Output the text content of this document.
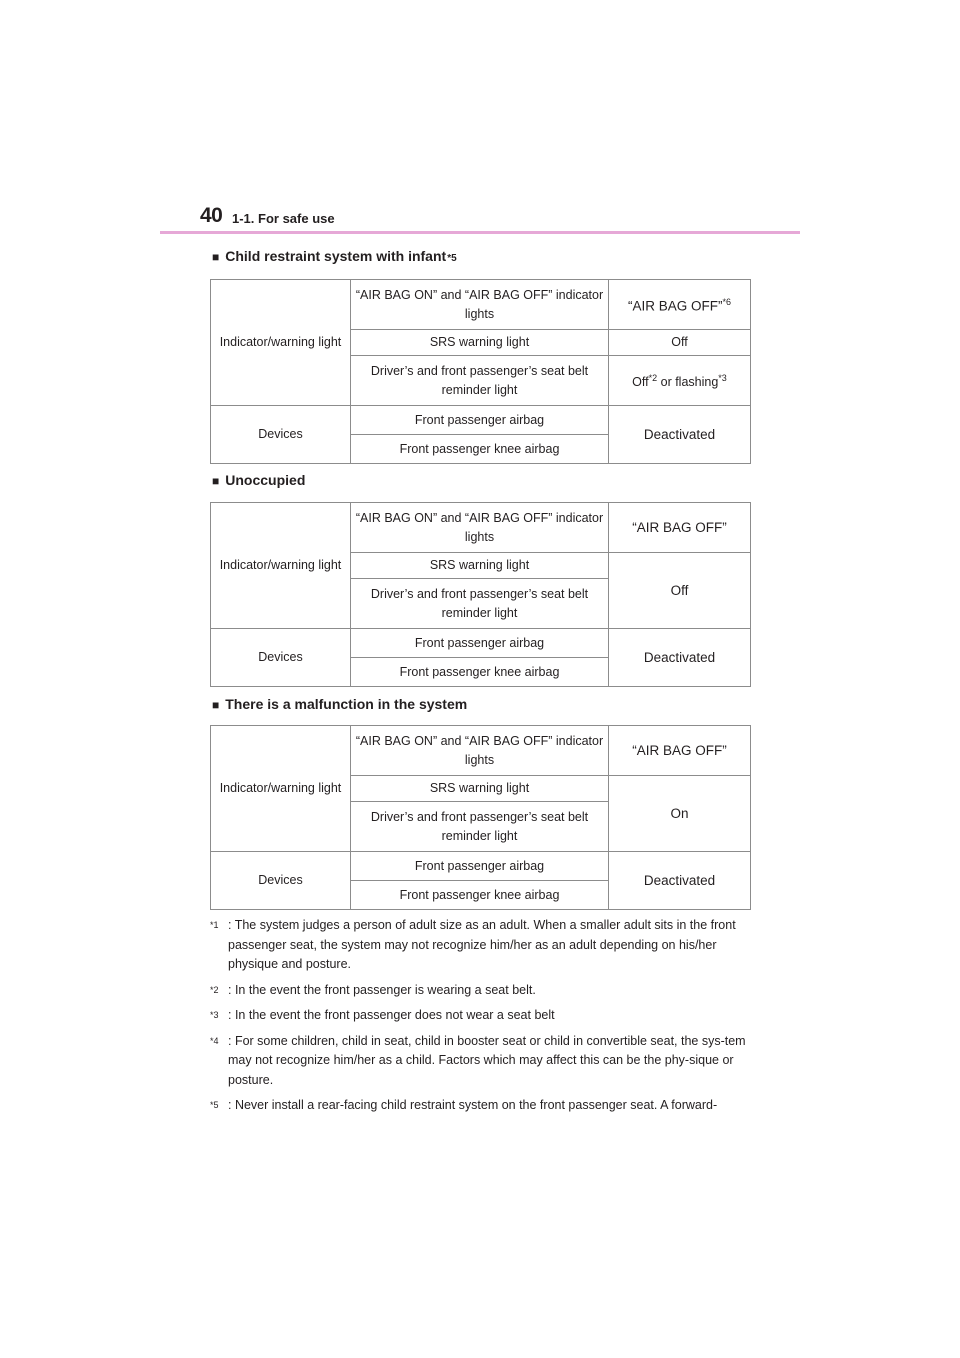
40 1-1. For safe use
■ Child restraint system with infant *5
Indicator/warning light	“AIR BAG ON” and “AIR BAG OFF” indicator lights	“AIR BAG OFF”$^{*6}$
	SRS warning light	Off
	Driver’s and front passenger’s seat belt reminder light	Off$^{*2}$ or flashing$^{*3}$
Devices	Front passenger airbag	Deactivated
	Front passenger knee airbag	
■ Unoccupied
Indicator/warning light	“AIR BAG ON” and “AIR BAG OFF” indicator lights	“AIR BAG OFF”
	SRS warning light	Off
	Driver’s and front passenger’s seat belt reminder light	
Devices	Front passenger airbag	Deactivated
	Front passenger knee airbag	
■ There is a malfunction in the system
Indicator/warning light	“AIR BAG ON” and “AIR BAG OFF” indicator lights	“AIR BAG OFF”
	SRS warning light	On
	Driver’s and front passenger’s seat belt reminder light	
Devices	Front passenger airbag	Deactivated
	Front passenger knee airbag	
$^{*1}$ : The system judges a person of adult size as an adult. When a smaller adult sits in the front passenger seat, the system may not recognize him/her as an adult depending on his/her physique and posture.
$^{*2}$ : In the event the front passenger is wearing a seat belt.
$^{*3}$ : In the event the front passenger does not wear a seat belt
$^{*4}$ : For some children, child in seat, child in booster seat or child in convertible seat, the sys-tem may not recognize him/her as a child. Factors which may affect this can be the phy-sique or posture.
$^{*5}$ : Never install a rear-facing child restraint system on the front passenger seat. A forward-
